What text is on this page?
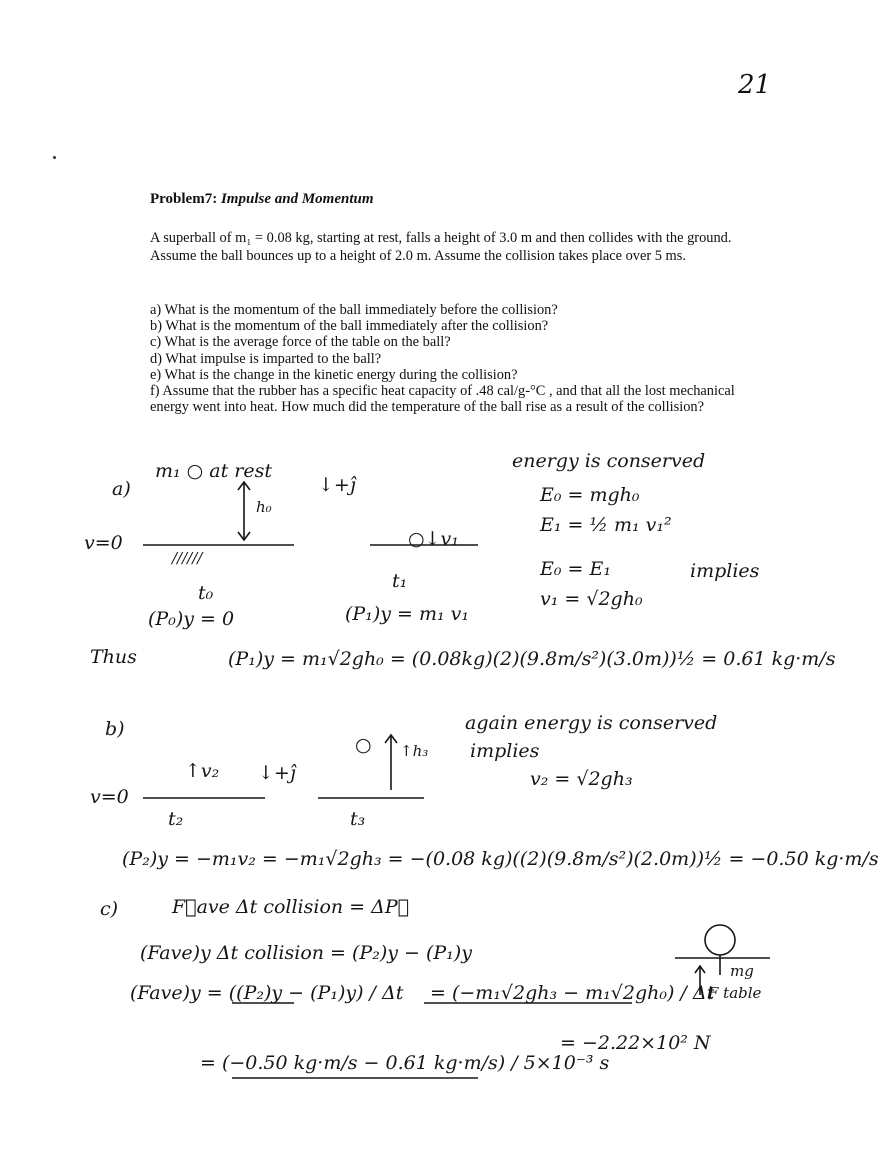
21
Problem7: Impulse and Momentum
A superball of m₁ = 0.08 kg, starting at rest, falls a height of 3.0 m and then collides with the ground. Assume the ball bounces up to a height of 2.0 m. Assume the collision takes place over 5 ms.

a) What is the momentum of the ball immediately before the collision?

b) What is the momentum of the ball immediately after the collision?

c) What is the average force of the table on the ball?

d) What impulse is imparted to the ball?

e) What is the change in the kinetic energy during the collision?

f) Assume that the rubber has a specific heat capacity of .48 cal/g-°C , and that all the lost mechanical energy went into heat. How much did the temperature of the ball rise as a result of the collision?

a)
m₁ ○ at rest
h₀
↓+ĵ
v=0
//////
○↓v₁
t₀
t₁
(P₀)y = 0	(P₁)y = m₁ v₁
energy is conserved
E₀ = mgh₀
E₁ = ½ m₁ v₁²
E₀ = E₁	implies
v₁ = √2gh₀
Thus	(P₁)y = m₁√2gh₀ = (0.08kg)(2)(9.8m/s²)(3.0m))½ = 0.61 kg·m/s
b)
↓+ĵ
○ ↑h₃
v=0
↑v₂
t₂	t₃
again energy is conserved
implies
v₂ = √2gh₃
(P₂)y = −m₁v₂ = −m₁√2gh₃ = −(0.08 kg)((2)(9.8m/s²)(2.0m))½ = −0.50 kg·m/s
c)	F⃗ave Δt collision = ΔP⃗
(Fave)y Δt collision = (P₂)y − (P₁)y
(Fave)y = ((P₂)y − (P₁)y) / Δt = (−m₁√2gh₃ − m₁√2gh₀) / Δt
= (−0.50 kg·m/s − 0.61 kg·m/s) / 5×10⁻³ s
= −2.22×10² N
mg
F table
